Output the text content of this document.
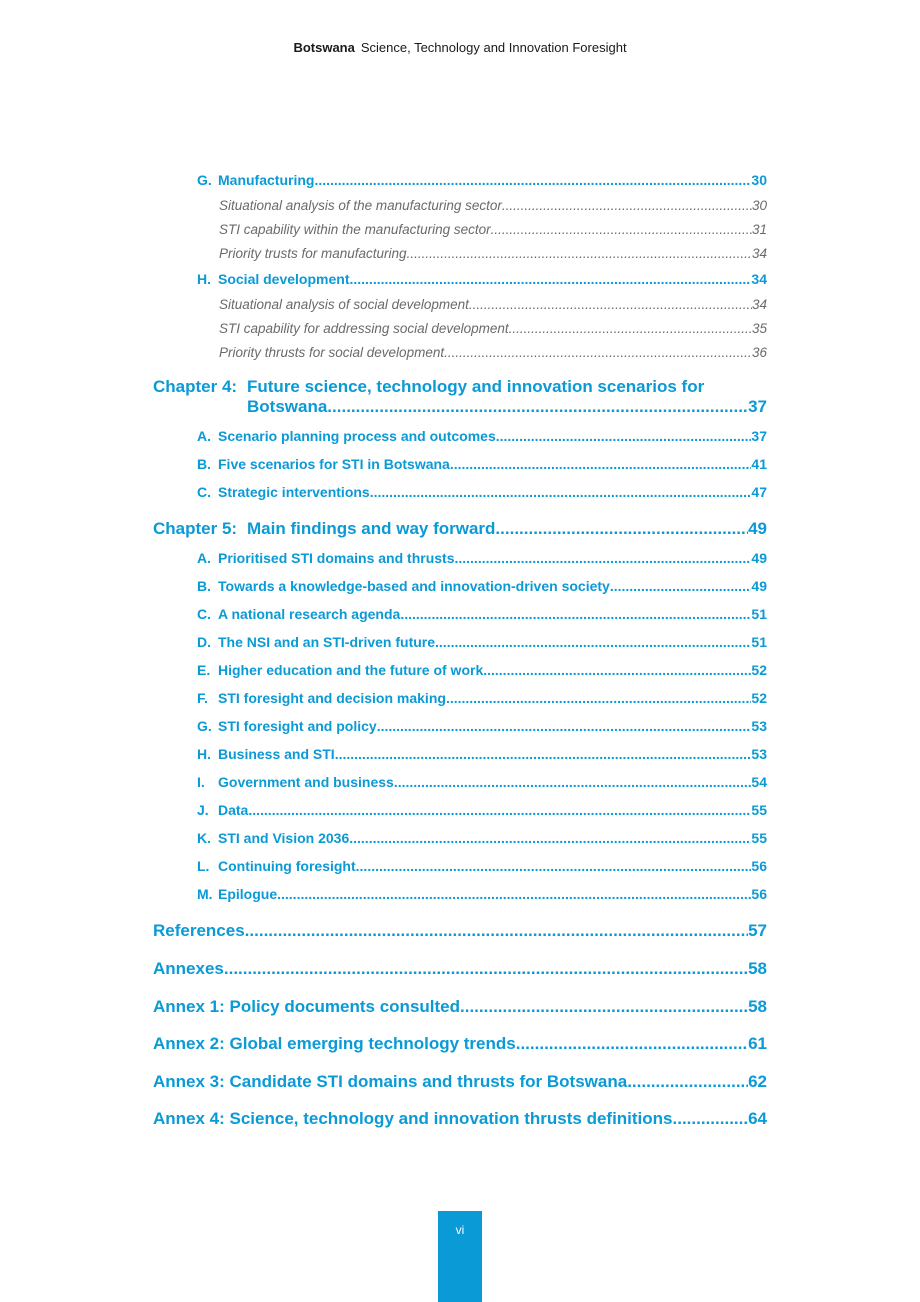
Botswana Science, Technology and Innovation Foresight
G. Manufacturing .....	30
Situational analysis of the manufacturing sector .....	30
STI capability within the manufacturing sector .....	31
Priority trusts for manufacturing .....	34
H. Social development .....	34
Situational analysis of social development .....	34
STI capability for addressing social development .....	35
Priority thrusts for social development .....	36
Chapter 4: Future science, technology and innovation scenarios for
Botswana .....	37
A. Scenario planning process and outcomes .....	37
B. Five scenarios for STI in Botswana .....	41
C. Strategic interventions .....	47
Chapter 5: Main findings and way forward .....	49
A. Prioritised STI domains and thrusts .....	49
B. Towards a knowledge-based and innovation-driven society .....	49
C. A national research agenda .....	51
D. The NSI and an STI-driven future .....	51
E. Higher education and the future of work .....	52
F. STI foresight and decision making .....	52
G. STI foresight and policy .....	53
H. Business and STI .....	53
I. Government and business .....	54
J. Data .....	55
K. STI and Vision 2036 .....	55
L. Continuing foresight .....	56
M. Epilogue .....	56
References .....	57
Annexes .....	58
Annex 1: Policy documents consulted .....	58
Annex 2: Global emerging technology trends .....	61
Annex 3: Candidate STI domains and thrusts for Botswana .....	62
Annex 4: Science, technology and innovation thrusts definitions .....	64
vi
